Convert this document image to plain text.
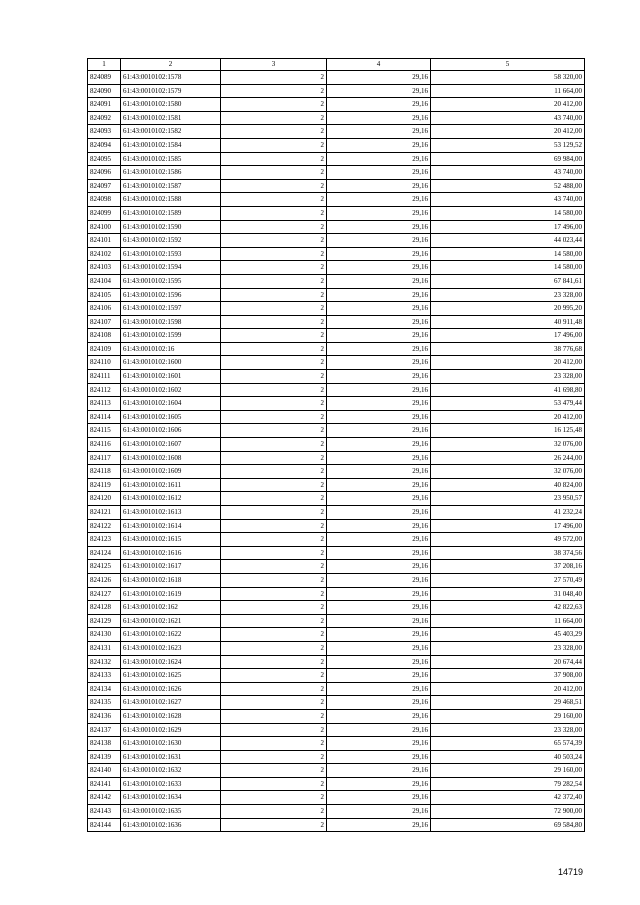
1	2	3	4	5
824089	61:43:0010102:1578	2	29,16	58 320,00
824090	61:43:0010102:1579	2	29,16	11 664,00
824091	61:43:0010102:1580	2	29,16	20 412,00
824092	61:43:0010102:1581	2	29,16	43 740,00
824093	61:43:0010102:1582	2	29,16	20 412,00
824094	61:43:0010102:1584	2	29,16	53 129,52
824095	61:43:0010102:1585	2	29,16	69 984,00
824096	61:43:0010102:1586	2	29,16	43 740,00
824097	61:43:0010102:1587	2	29,16	52 488,00
824098	61:43:0010102:1588	2	29,16	43 740,00
824099	61:43:0010102:1589	2	29,16	14 580,00
824100	61:43:0010102:1590	2	29,16	17 496,00
824101	61:43:0010102:1592	2	29,16	44 023,44
824102	61:43:0010102:1593	2	29,16	14 580,00
824103	61:43:0010102:1594	2	29,16	14 580,00
824104	61:43:0010102:1595	2	29,16	67 841,61
824105	61:43:0010102:1596	2	29,16	23 328,00
824106	61:43:0010102:1597	2	29,16	20 995,20
824107	61:43:0010102:1598	2	29,16	40 911,48
824108	61:43:0010102:1599	2	29,16	17 496,00
824109	61:43:0010102:16	2	29,16	38 776,68
824110	61:43:0010102:1600	2	29,16	20 412,00
824111	61:43:0010102:1601	2	29,16	23 328,00
824112	61:43:0010102:1602	2	29,16	41 698,80
824113	61:43:0010102:1604	2	29,16	53 479,44
824114	61:43:0010102:1605	2	29,16	20 412,00
824115	61:43:0010102:1606	2	29,16	16 125,48
824116	61:43:0010102:1607	2	29,16	32 076,00
824117	61:43:0010102:1608	2	29,16	26 244,00
824118	61:43:0010102:1609	2	29,16	32 076,00
824119	61:43:0010102:1611	2	29,16	40 824,00
824120	61:43:0010102:1612	2	29,16	23 950,57
824121	61:43:0010102:1613	2	29,16	41 232,24
824122	61:43:0010102:1614	2	29,16	17 496,00
824123	61:43:0010102:1615	2	29,16	49 572,00
824124	61:43:0010102:1616	2	29,16	38 374,56
824125	61:43:0010102:1617	2	29,16	37 208,16
824126	61:43:0010102:1618	2	29,16	27 570,49
824127	61:43:0010102:1619	2	29,16	31 048,40
824128	61:43:0010102:162	2	29,16	42 822,63
824129	61:43:0010102:1621	2	29,16	11 664,00
824130	61:43:0010102:1622	2	29,16	45 403,29
824131	61:43:0010102:1623	2	29,16	23 328,00
824132	61:43:0010102:1624	2	29,16	20 674,44
824133	61:43:0010102:1625	2	29,16	37 908,00
824134	61:43:0010102:1626	2	29,16	20 412,00
824135	61:43:0010102:1627	2	29,16	29 468,51
824136	61:43:0010102:1628	2	29,16	29 160,00
824137	61:43:0010102:1629	2	29,16	23 328,00
824138	61:43:0010102:1630	2	29,16	65 574,39
824139	61:43:0010102:1631	2	29,16	40 503,24
824140	61:43:0010102:1632	2	29,16	29 160,00
824141	61:43:0010102:1633	2	29,16	79 282,54
824142	61:43:0010102:1634	2	29,16	42 372,40
824143	61:43:0010102:1635	2	29,16	72 900,00
824144	61:43:0010102:1636	2	29,16	69 584,80
14719
